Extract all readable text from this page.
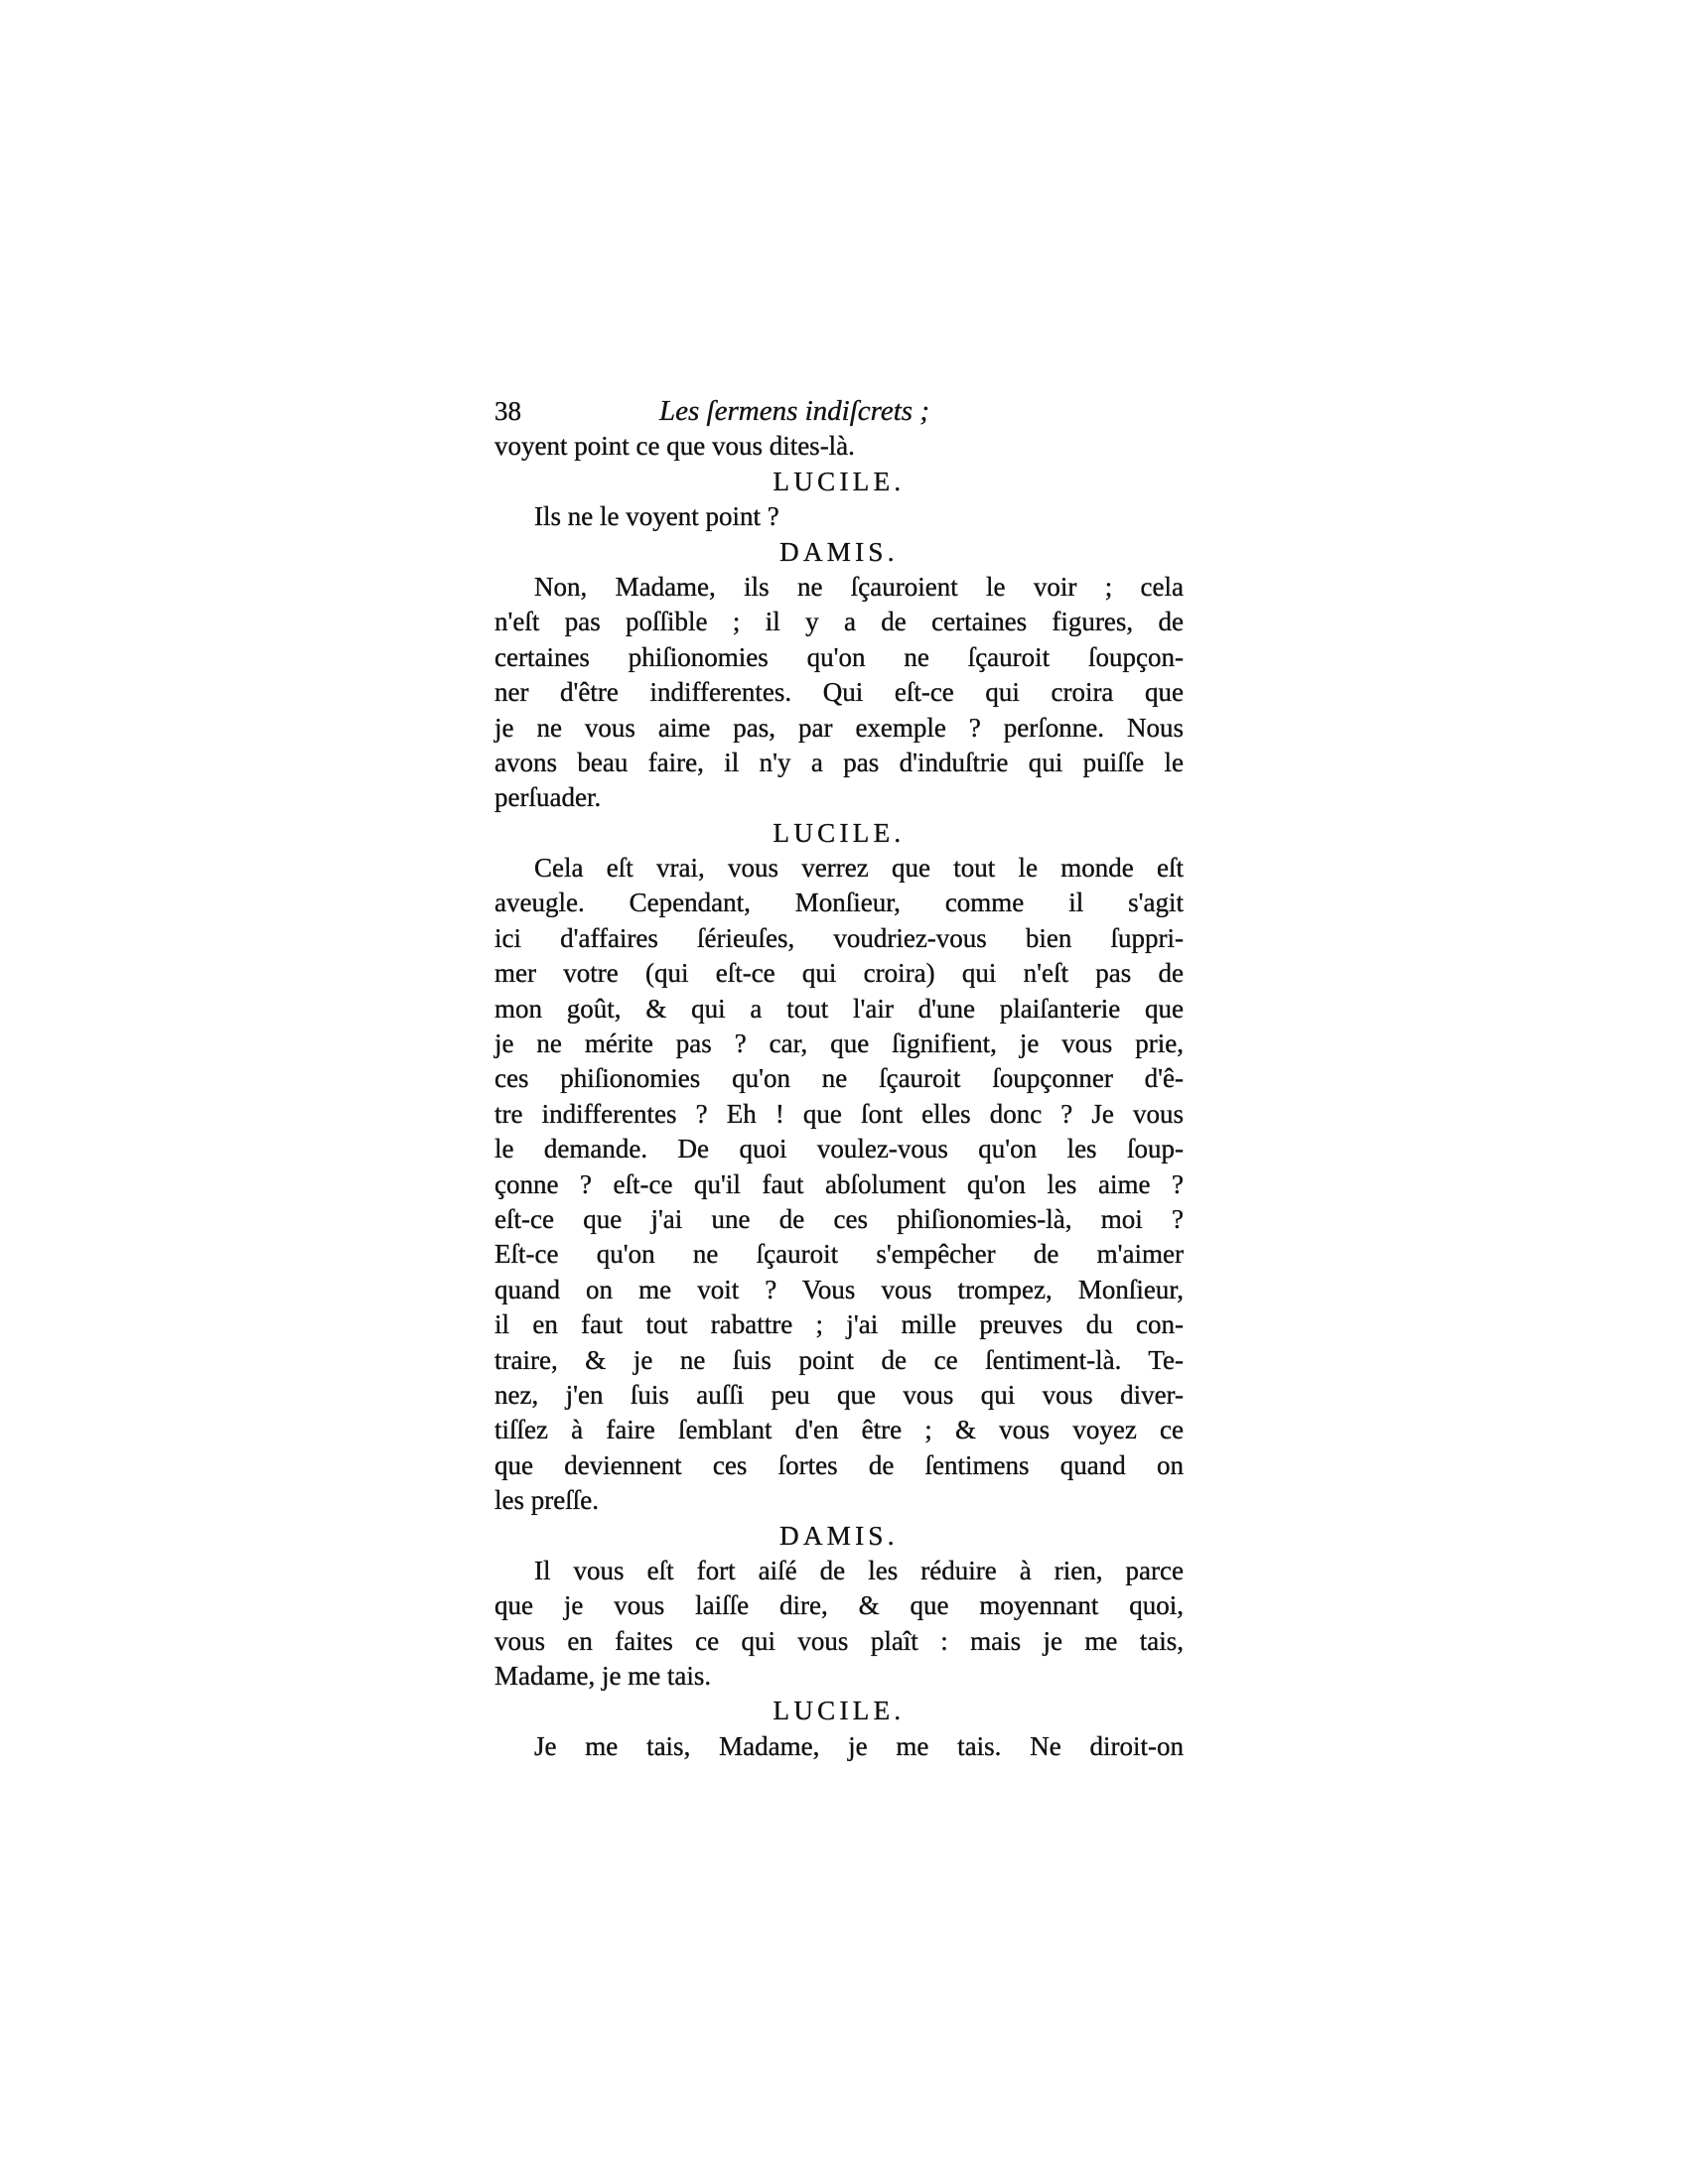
38	Les ſermens indiſcrets ;
voyent point ce que vous dites-là.
LUCILE.
Ils ne le voyent point ?
DAMIS.
Non, Madame, ils ne ſçauroient le voir ; cela
n'eſt pas poſſible ; il y a de certaines figures, de
certaines phiſionomies qu'on ne ſçauroit ſoupçon-
ner d'être indifferentes. Qui eſt-ce qui croira que
je ne vous aime pas, par exemple ? perſonne. Nous
avons beau faire, il n'y a pas d'induſtrie qui puiſſe le
perſuader.
LUCILE.
Cela eſt vrai, vous verrez que tout le monde eſt
aveugle. Cependant, Monſieur, comme il s'agit
ici d'affaires ſérieuſes, voudriez-vous bien ſuppri-
mer votre (qui eſt-ce qui croira) qui n'eſt pas de
mon goût, & qui a tout l'air d'une plaiſanterie que
je ne mérite pas ? car, que ſignifient, je vous prie,
ces phiſionomies qu'on ne ſçauroit ſoupçonner d'ê-
tre indifferentes ? Eh ! que ſont elles donc ? Je vous
le demande. De quoi voulez-vous qu'on les ſoup-
çonne ? eſt-ce qu'il faut abſolument qu'on les aime ?
eſt-ce que j'ai une de ces phiſionomies-là, moi ?
Eſt-ce qu'on ne ſçauroit s'empêcher de m'aimer
quand on me voit ? Vous vous trompez, Monſieur,
il en faut tout rabattre ; j'ai mille preuves du con-
traire, & je ne ſuis point de ce ſentiment-là. Te-
nez, j'en ſuis auſſi peu que vous qui vous diver-
tiſſez à faire ſemblant d'en être ; & vous voyez ce
que deviennent ces ſortes de ſentimens quand on
les preſſe.
DAMIS.
Il vous eſt fort aiſé de les réduire à rien, parce
que je vous laiſſe dire, & que moyennant quoi,
vous en faites ce qui vous plaît : mais je me tais,
Madame, je me tais.
LUCILE.
Je me tais, Madame, je me tais. Ne diroit-on
